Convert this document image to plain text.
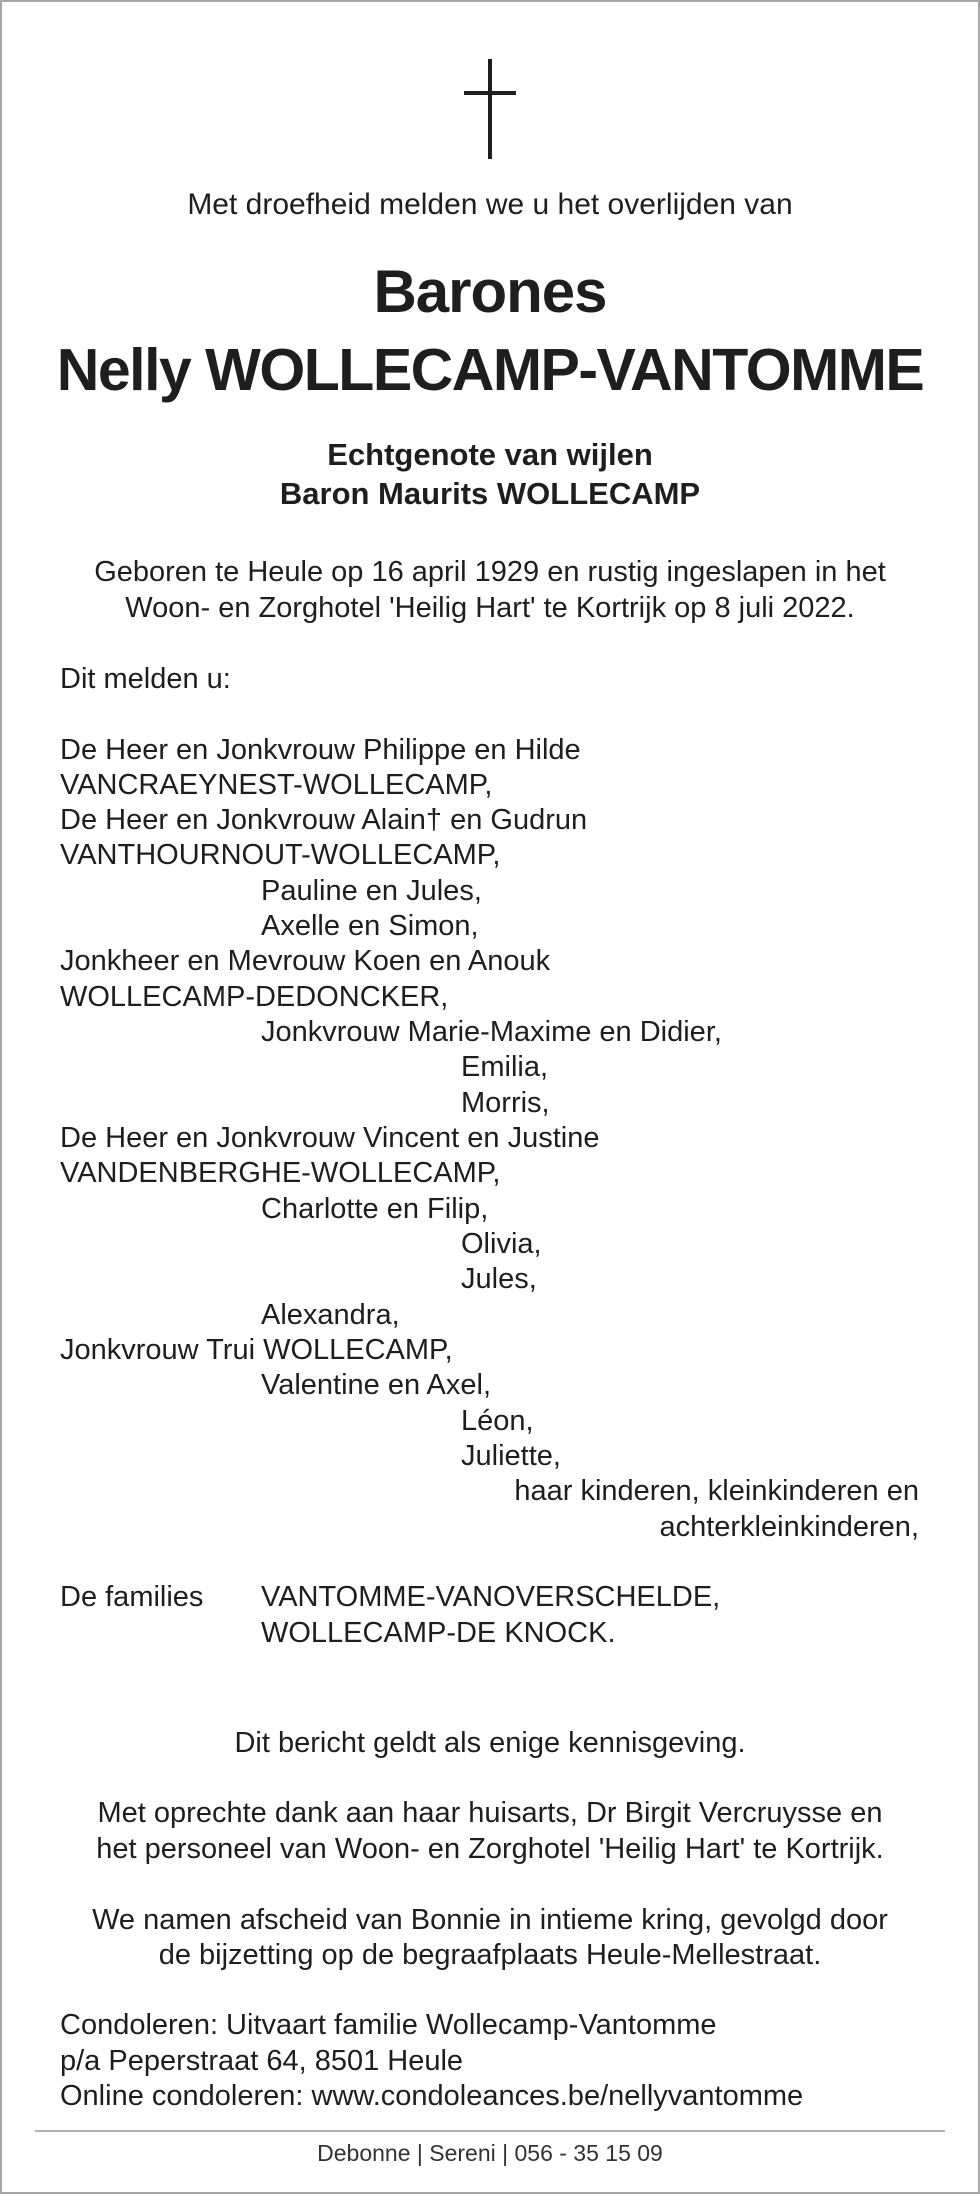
Met droefheid melden we u het overlijden van
Barones
Nelly WOLLECAMP-VANTOMME
Echtgenote van wijlen
Baron Maurits WOLLECAMP
Geboren te Heule op 16 april 1929 en rustig ingeslapen in het
Woon- en Zorghotel 'Heilig Hart' te Kortrijk op 8 juli 2022.
Dit melden u:
De Heer en Jonkvrouw Philippe en Hilde
VANCRAEYNEST-WOLLECAMP,
De Heer en Jonkvrouw Alain† en Gudrun
VANTHOURNOUT-WOLLECAMP,
Pauline en Jules,
Axelle en Simon,
Jonkheer en Mevrouw Koen en Anouk
WOLLECAMP-DEDONCKER,
Jonkvrouw Marie-Maxime en Didier,
Emilia,
Morris,
De Heer en Jonkvrouw Vincent en Justine
VANDENBERGHE-WOLLECAMP,
Charlotte en Filip,
Olivia,
Jules,
Alexandra,
Jonkvrouw Trui WOLLECAMP,
Valentine en Axel,
Léon,
Juliette,
haar kinderen, kleinkinderen en
achterkleinkinderen,
De families VANTOMME-VANOVERSCHELDE,
WOLLECAMP-DE KNOCK.
Dit bericht geldt als enige kennisgeving.
Met oprechte dank aan haar huisarts, Dr Birgit Vercruysse en
het personeel van Woon- en Zorghotel 'Heilig Hart' te Kortrijk.
We namen afscheid van Bonnie in intieme kring, gevolgd door
de bijzetting op de begraafplaats Heule-Mellestraat.
Condoleren: Uitvaart familie Wollecamp-Vantomme
p/a Peperstraat 64, 8501 Heule
Online condoleren: www.condoleances.be/nellyvantomme
Debonne | Sereni | 056 - 35 15 09
